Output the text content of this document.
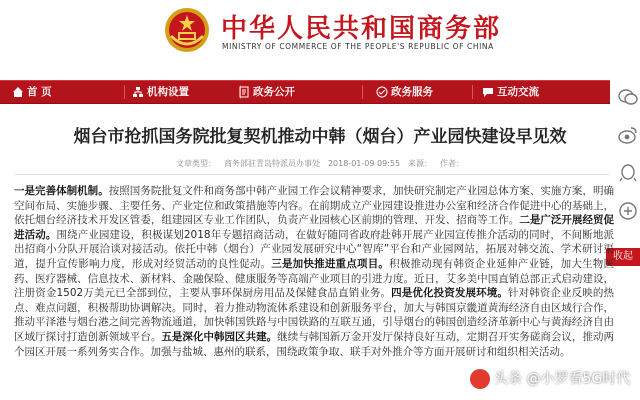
中华人民共和国商务部
MINISTRY OF COMMERCE OF THE PEOPLE'S REPUBLIC OF CHINA
首 页	机构设置	政务公开	政务服务	互动交流
收起
烟台市抢抓国务院批复契机推动中韩（烟台）产业园快建设早见效
文章类型： 商务部驻青岛特派员办事处 2018-01-09 09:55 来源： 作者：
一是完善体制机制。按照国务院批复文件和商务部中韩产业园工作会议精神要求，加快研究制定产业园总体方案、实施方案，明确空间布局、实施步骤、主要任务、产业定位和政策措施等内容。在前期成立产业园建设推进办公室和经济合作促进中心的基础上，依托烟台经济技术开发区管委，组建园区专业工作团队，负责产业园核心区前期的管理、开发、招商等工作。二是广泛开展经贸促进活动。围绕产业园建设，积极谋划2018年专题招商活动，在做好随同省政府赴韩开展产业园宣传推介活动的同时，不间断地派出招商小分队开展洽谈对接活动。依托中韩（烟台）产业园发展研究中心“智库”平台和产业园网站，拓展对韩交流、学术研讨渠道，提升宣传影响力度，形成对经贸活动的良性促动。三是加快推进重点项目。积极推动现有韩资企业延伸产业链，加大生物医药、医疗器械、信息技术、新材料、金融保险、健康服务等高端产业项目的引进力度。近日，艾多美中国直销总部正式启动建设，注册资金1502万美元已全部到位，主要从事环保厨房用品及保健食品直销业务。四是优化投资发展环境。针对韩资企业反映的热点、难点问题，积极帮助协调解决。同时，着力推动物流体系建设和创新服务平台，加大与韩国京畿道黄海经济自由区域行合作，推动平泽港与烟台港之间完善物流通道，加快韩国铁路与中国铁路的互联互通，引导烟台的韩国创造经济革新中心与黄海经济自由区域厅探讨打造创新领域平台。五是深化中韩园区共建。继续与韩国新万金开发厅保持良好互动，定期召开实务磋商会议，推动两个园区开展一系列务实合作。加强与盐城、惠州的联系，围绕政策争取、联手对外推介等方面开展研讨和组织相关活动。
头条 @小罗看5G时代
